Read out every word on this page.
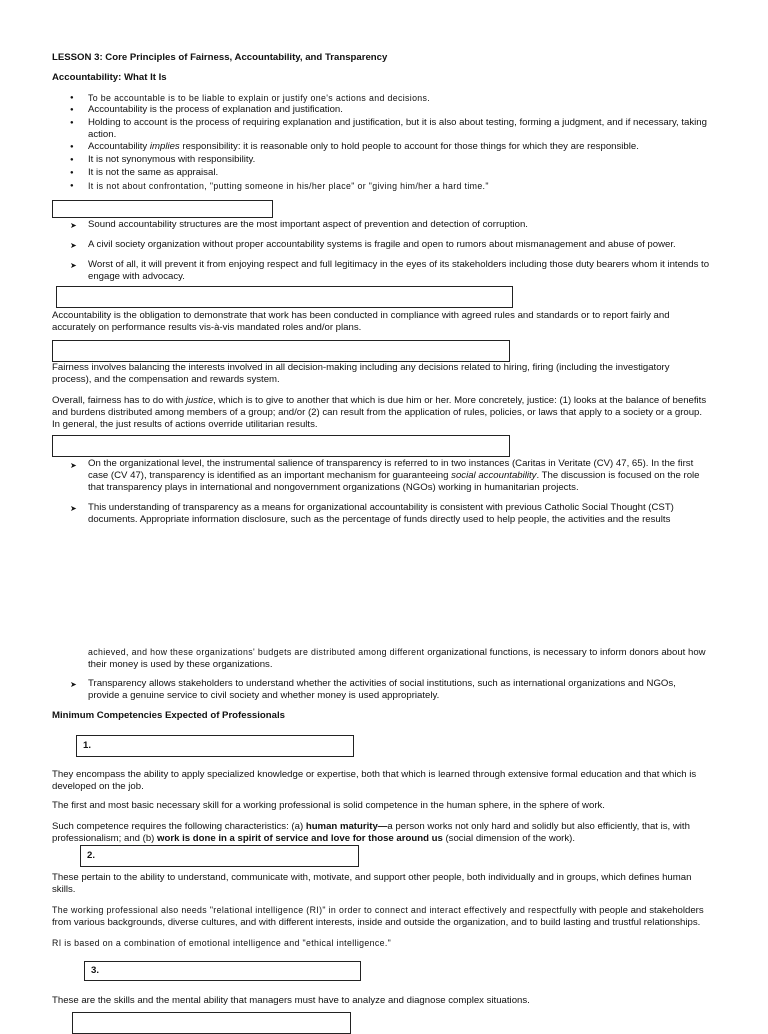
LESSON 3: Core Principles of Fairness, Accountability, and Transparency
Accountability: What It Is
● To be accountable is to be liable to explain or justify one's actions and decisions.
● Accountability is the process of explanation and justification.
● Holding to account is the process of requiring explanation and justification, but it is also about testing, forming a judgment, and if necessary, taking
action.
● Accountability implies responsibility: it is reasonable only to hold people to account for those things for which they are responsible.
● It is not synonymous with responsibility.
● It is not the same as appraisal.
● It is not about confrontation, "putting someone in his/her place" or "giving him/her a hard time."
➤ Sound accountability structures are the most important aspect of prevention and detection of corruption.
➤ A civil society organization without proper accountability systems is fragile and open to rumors about mismanagement and abuse of power.
➤ Worst of all, it will prevent it from enjoying respect and full legitimacy in the eyes of its stakeholders including those duty bearers whom it intends to
engage with advocacy.
Accountability is the obligation to demonstrate that work has been conducted in compliance with agreed rules and standards or to report fairly and
accurately on performance results vis-à-vis mandated roles and/or plans.
Fairness involves balancing the interests involved in all decision-making including any decisions related to hiring, firing (including the investigatory
process), and the compensation and rewards system.
Overall, fairness has to do with justice, which is to give to another that which is due him or her. More concretely, justice: (1) looks at the balance of benefits
and burdens distributed among members of a group; and/or (2) can result from the application of rules, policies, or laws that apply to a society or a group.
In general, the just results of actions override utilitarian results.
➤ On the organizational level, the instrumental salience of transparency is referred to in two instances (Caritas in Veritate (CV) 47, 65). In the first
case (CV 47), transparency is identified as an important mechanism for guaranteeing social accountability. The discussion is focused on the role
that transparency plays in international and nongovernment organizations (NGOs) working in humanitarian projects.
➤ This understanding of transparency as a means for organizational accountability is consistent with previous Catholic Social Thought (CST)
documents. Appropriate information disclosure, such as the percentage of funds directly used to help people, the activities and the results
achieved, and how these organizations' budgets are distributed among different organizational functions, is necessary to inform donors about how
their money is used by these organizations.
➤ Transparency allows stakeholders to understand whether the activities of social institutions, such as international organizations and NGOs,
provide a genuine service to civil society and whether money is used appropriately.
Minimum Competencies Expected of Professionals
1.
They encompass the ability to apply specialized knowledge or expertise, both that which is learned through extensive formal education and that which is
developed on the job.
The first and most basic necessary skill for a working professional is solid competence in the human sphere, in the sphere of work.
Such competence requires the following characteristics: (a) human maturity—a person works not only hard and solidly but also efficiently, that is, with
professionalism; and (b) work is done in a spirit of service and love for those around us (social dimension of the work).
2.
These pertain to the ability to understand, communicate with, motivate, and support other people, both individually and in groups, which defines human
skills.
The working professional also needs "relational intelligence (RI)" in order to connect and interact effectively and respectfully with people and stakeholders
from various backgrounds, diverse cultures, and with different interests, inside and outside the organization, and to build lasting and trustful relationships.
RI is based on a combination of emotional intelligence and "ethical intelligence."
3.
These are the skills and the mental ability that managers must have to analyze and diagnose complex situations.
